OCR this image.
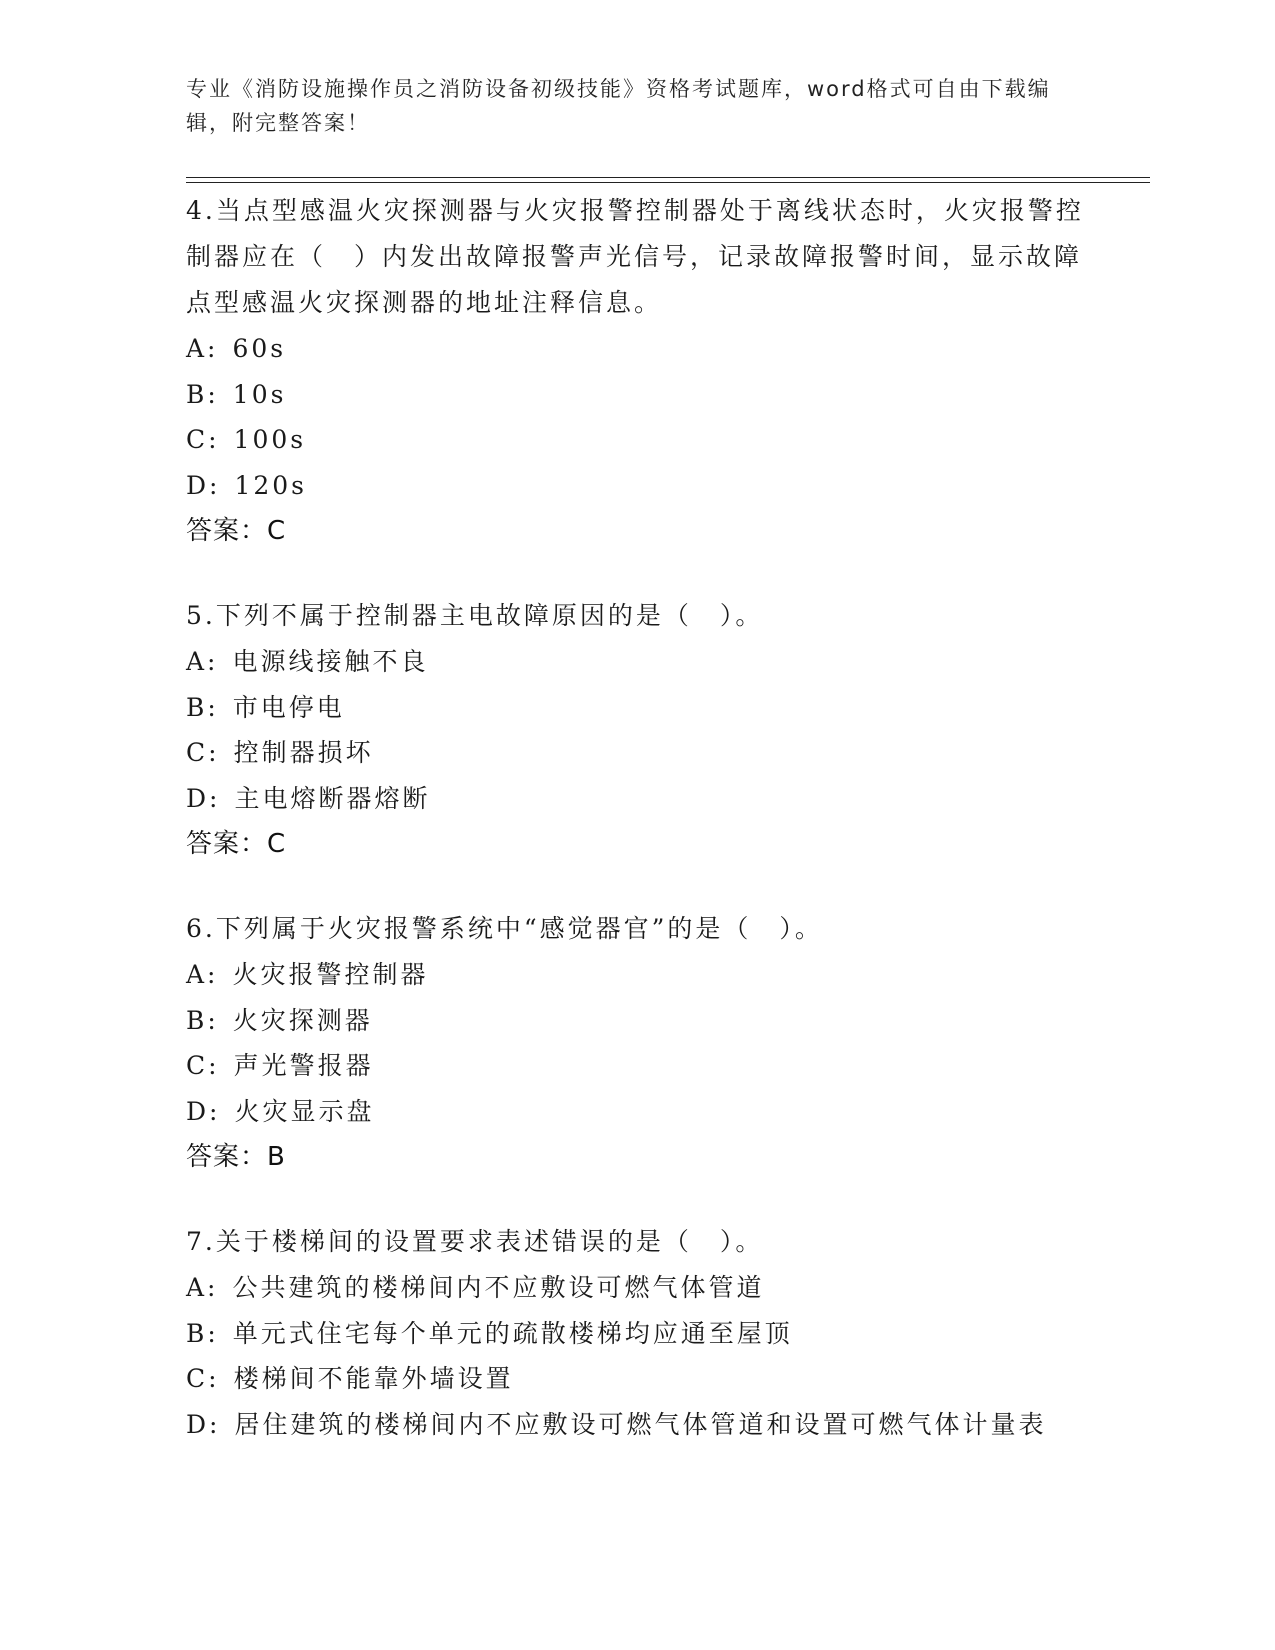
专业《消防设施操作员之消防设备初级技能》资格考试题库，word格式可自由下载编辑，附完整答案！

4.当点型感温火灾探测器与火灾报警控制器处于离线状态时，火灾报警控制器应在（　）内发出故障报警声光信号，记录故障报警时间，显示故障点型感温火灾探测器的地址注释信息。

A: 60s

B: 10s

C: 100s

D: 120s

答案：C

5.下列不属于控制器主电故障原因的是（　）。

A: 电源线接触不良

B: 市电停电

C: 控制器损坏

D: 主电熔断器熔断

答案：C

6.下列属于火灾报警系统中“感觉器官”的是（　）。

A: 火灾报警控制器

B: 火灾探测器

C: 声光警报器

D: 火灾显示盘

答案：B

7.关于楼梯间的设置要求表述错误的是（　）。

A: 公共建筑的楼梯间内不应敷设可燃气体管道

B: 单元式住宅每个单元的疏散楼梯均应通至屋顶

C: 楼梯间不能靠外墙设置

D: 居住建筑的楼梯间内不应敷设可燃气体管道和设置可燃气体计量表
